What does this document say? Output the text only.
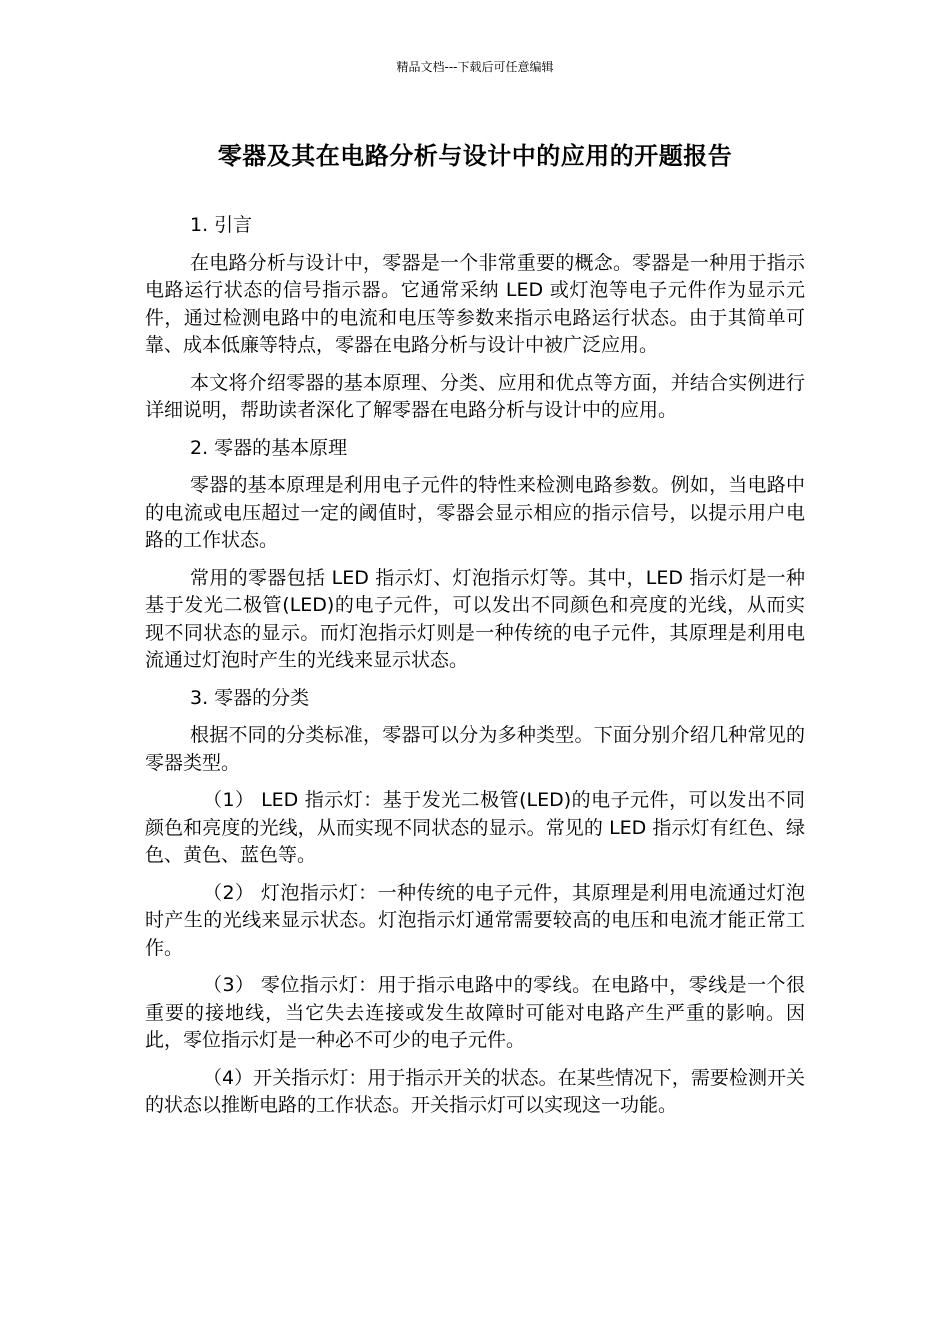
精品文档---下载后可任意编辑
零器及其在电路分析与设计中的应用的开题报告
1. 引言
在电路分析与设计中，零器是一个非常重要的概念。零器是一种用于指示电路运行状态的信号指示器。它通常采纳 LED 或灯泡等电子元件作为显示元件，通过检测电路中的电流和电压等参数来指示电路运行状态。由于其简单可靠、成本低廉等特点，零器在电路分析与设计中被广泛应用。
本文将介绍零器的基本原理、分类、应用和优点等方面，并结合实例进行详细说明，帮助读者深化了解零器在电路分析与设计中的应用。
2. 零器的基本原理
零器的基本原理是利用电子元件的特性来检测电路参数。例如，当电路中的电流或电压超过一定的阈值时，零器会显示相应的指示信号，以提示用户电路的工作状态。
常用的零器包括 LED 指示灯、灯泡指示灯等。其中，LED 指示灯是一种基于发光二极管(LED)的电子元件，可以发出不同颜色和亮度的光线，从而实现不同状态的显示。而灯泡指示灯则是一种传统的电子元件，其原理是利用电流通过灯泡时产生的光线来显示状态。
3. 零器的分类
根据不同的分类标准，零器可以分为多种类型。下面分别介绍几种常见的零器类型。
（1） LED 指示灯：基于发光二极管(LED)的电子元件，可以发出不同颜色和亮度的光线，从而实现不同状态的显示。常见的 LED 指示灯有红色、绿色、黄色、蓝色等。
（2） 灯泡指示灯：一种传统的电子元件，其原理是利用电流通过灯泡时产生的光线来显示状态。灯泡指示灯通常需要较高的电压和电流才能正常工作。
（3） 零位指示灯：用于指示电路中的零线。在电路中，零线是一个很重要的接地线，当它失去连接或发生故障时可能对电路产生严重的影响。因此，零位指示灯是一种必不可少的电子元件。
（4）开关指示灯：用于指示开关的状态。在某些情况下，需要检测开关的状态以推断电路的工作状态。开关指示灯可以实现这一功能。
